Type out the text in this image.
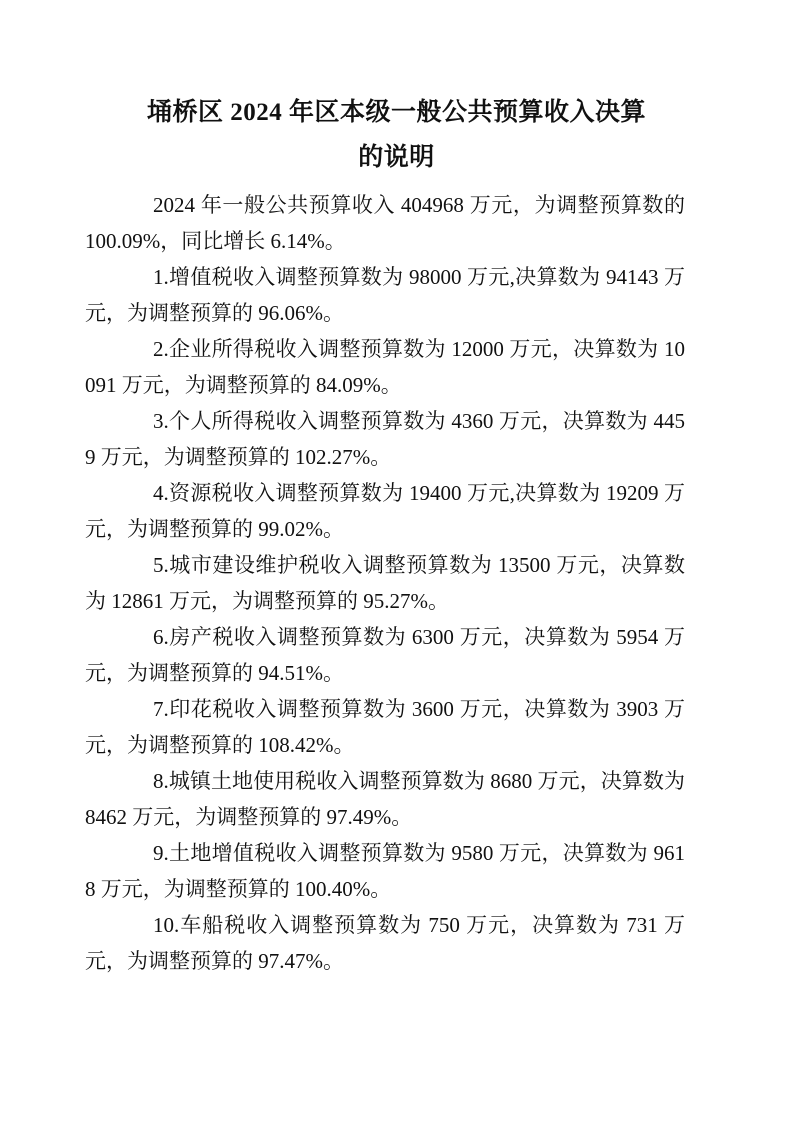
埇桥区 2024 年区本级一般公共预算收入决算
的说明

2024 年一般公共预算收入 404968 万元，为调整预算数的 100.09%，同比增长 6.14%。

1.增值税收入调整预算数为 98000 万元,决算数为 94143 万元，为调整预算的 96.06%。

2.企业所得税收入调整预算数为 12000 万元，决算数为 10091 万元，为调整预算的 84.09%。

3.个人所得税收入调整预算数为 4360 万元，决算数为 4459 万元，为调整预算的 102.27%。

4.资源税收入调整预算数为 19400 万元,决算数为 19209 万元，为调整预算的 99.02%。

5.城市建设维护税收入调整预算数为 13500 万元，决算数为 12861 万元，为调整预算的 95.27%。

6.房产税收入调整预算数为 6300 万元，决算数为 5954 万元，为调整预算的 94.51%。

7.印花税收入调整预算数为 3600 万元，决算数为 3903 万元，为调整预算的 108.42%。

8.城镇土地使用税收入调整预算数为 8680 万元，决算数为 8462 万元，为调整预算的 97.49%。

9.土地增值税收入调整预算数为 9580 万元，决算数为 9618 万元，为调整预算的 100.40%。

10.车船税收入调整预算数为 750 万元，决算数为 731 万元，为调整预算的 97.47%。
